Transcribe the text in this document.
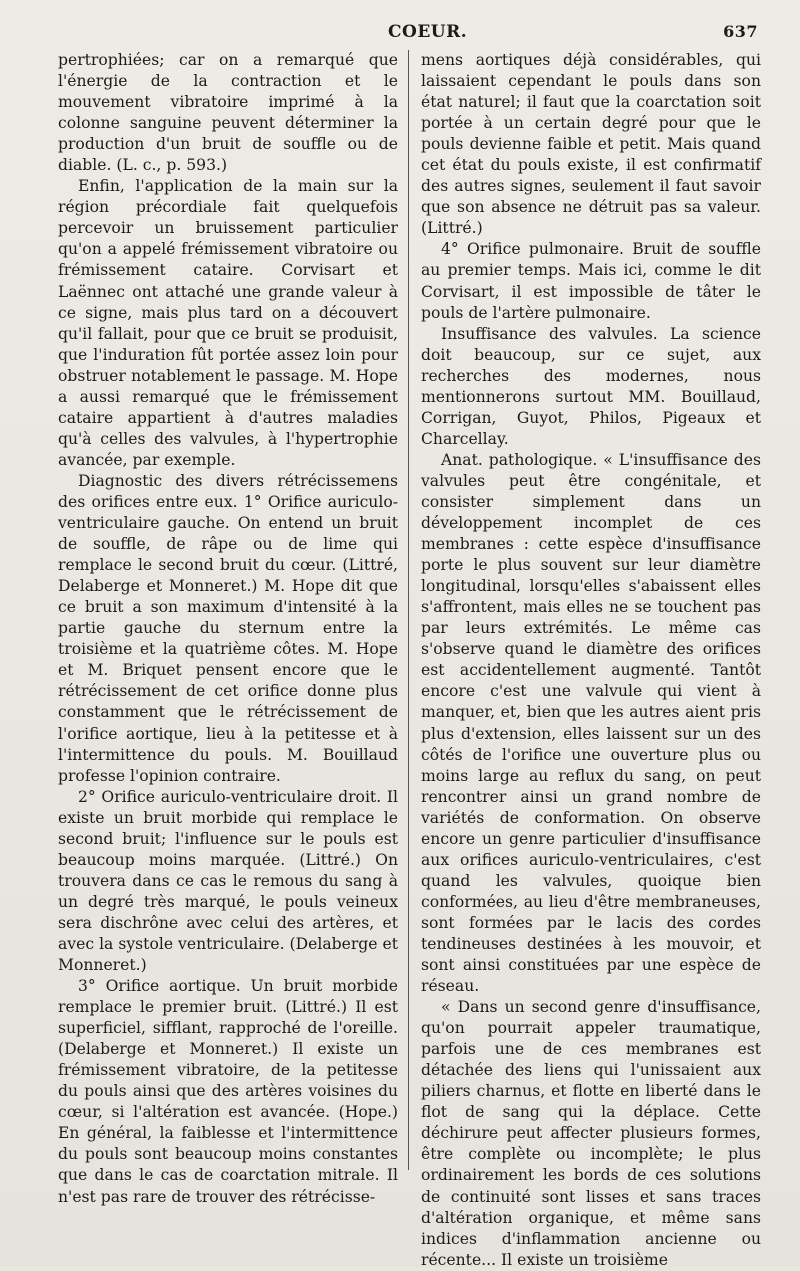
COEUR.	637

pertrophiées; car on a remarqué que l'énergie de la contraction et le mouvement vibratoire imprimé à la colonne sanguine peuvent déterminer la production d'un bruit de souffle ou de diable. (L. c., p. 593.)

Enfin, l'application de la main sur la région précordiale fait quelquefois percevoir un bruissement particulier qu'on a appelé frémissement vibratoire ou frémissement cataire. Corvisart et Laënnec ont attaché une grande valeur à ce signe, mais plus tard on a découvert qu'il fallait, pour que ce bruit se produisit, que l'induration fût portée assez loin pour obstruer notablement le passage. M. Hope a aussi remarqué que le frémissement cataire appartient à d'autres maladies qu'à celles des valvules, à l'hypertrophie avancée, par exemple.

Diagnostic des divers rétrécissemens des orifices entre eux. 1° Orifice auriculo-ventriculaire gauche. On entend un bruit de souffle, de râpe ou de lime qui remplace le second bruit du cœur. (Littré, Delaberge et Monneret.) M. Hope dit que ce bruit a son maximum d'intensité à la partie gauche du sternum entre la troisième et la quatrième côtes. M. Hope et M. Briquet pensent encore que le rétrécissement de cet orifice donne plus constamment que le rétrécissement de l'orifice aortique, lieu à la petitesse et à l'intermittence du pouls. M. Bouillaud professe l'opinion contraire.

2° Orifice auriculo-ventriculaire droit. Il existe un bruit morbide qui remplace le second bruit; l'influence sur le pouls est beaucoup moins marquée. (Littré.) On trouvera dans ce cas le remous du sang à un degré très marqué, le pouls veineux sera dischrône avec celui des artères, et avec la systole ventriculaire. (Delaberge et Monneret.)

3° Orifice aortique. Un bruit morbide remplace le premier bruit. (Littré.) Il est superficiel, sifflant, rapproché de l'oreille. (Delaberge et Monneret.) Il existe un frémissement vibratoire, de la petitesse du pouls ainsi que des artères voisines du cœur, si l'altération est avancée. (Hope.) En général, la faiblesse et l'intermittence du pouls sont beaucoup moins constantes que dans le cas de coarctation mitrale. Il n'est pas rare de trouver des rétrécisse-

mens aortiques déjà considérables, qui laissaient cependant le pouls dans son état naturel; il faut que la coarctation soit portée à un certain degré pour que le pouls devienne faible et petit. Mais quand cet état du pouls existe, il est confirmatif des autres signes, seulement il faut savoir que son absence ne détruit pas sa valeur. (Littré.)

4° Orifice pulmonaire. Bruit de souffle au premier temps. Mais ici, comme le dit Corvisart, il est impossible de tâter le pouls de l'artère pulmonaire.

Insuffisance des valvules. La science doit beaucoup, sur ce sujet, aux recherches des modernes, nous mentionnerons surtout MM. Bouillaud, Corrigan, Guyot, Philos, Pigeaux et Charcellay.

Anat. pathologique. « L'insuffisance des valvules peut être congénitale, et consister simplement dans un développement incomplet de ces membranes : cette espèce d'insuffisance porte le plus souvent sur leur diamètre longitudinal, lorsqu'elles s'abaissent elles s'affrontent, mais elles ne se touchent pas par leurs extrémités. Le même cas s'observe quand le diamètre des orifices est accidentellement augmenté. Tantôt encore c'est une valvule qui vient à manquer, et, bien que les autres aient pris plus d'extension, elles laissent sur un des côtés de l'orifice une ouverture plus ou moins large au reflux du sang, on peut rencontrer ainsi un grand nombre de variétés de conformation. On observe encore un genre particulier d'insuffisance aux orifices auriculo-ventriculaires, c'est quand les valvules, quoique bien conformées, au lieu d'être membraneuses, sont formées par le lacis des cordes tendineuses destinées à les mouvoir, et sont ainsi constituées par une espèce de réseau.

« Dans un second genre d'insuffisance, qu'on pourrait appeler traumatique, parfois une de ces membranes est détachée des liens qui l'unissaient aux piliers charnus, et flotte en liberté dans le flot de sang qui la déplace. Cette déchirure peut affecter plusieurs formes, être complète ou incomplète; le plus ordinairement les bords de ces solutions de continuité sont lisses et sans traces d'altération organique, et même sans indices d'inflammation ancienne ou récente... Il existe un troisième
